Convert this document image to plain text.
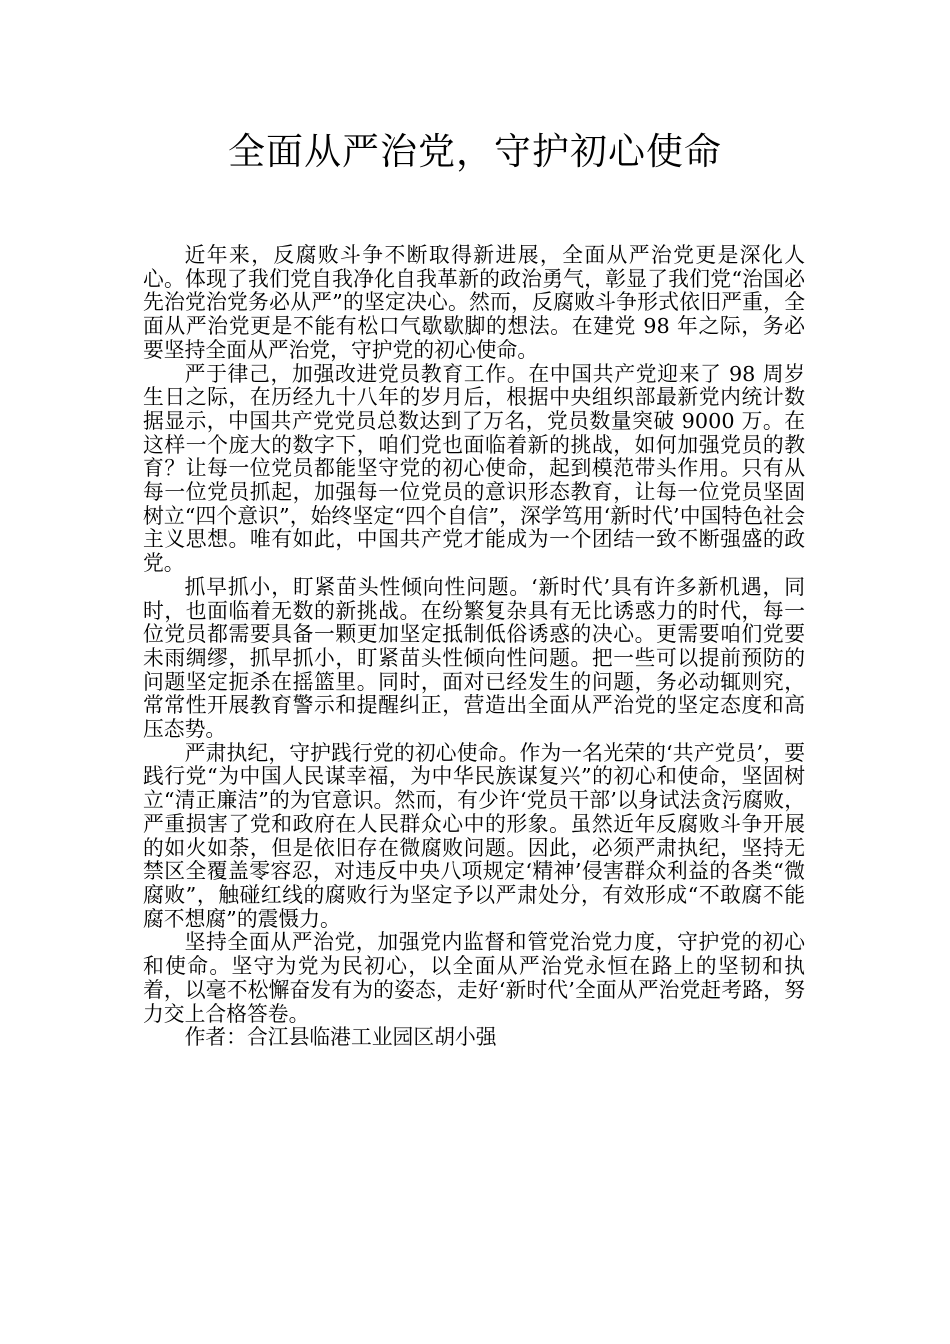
全面从严治党，守护初心使命

近年来，反腐败斗争不断取得新进展，全面从严治党更是深化人心。体现了我们党自我净化自我革新的政治勇气，彰显了我们党“治国必先治党治党务必从严”的坚定决心。然而，反腐败斗争形式依旧严重，全面从严治党更是不能有松口气歇歇脚的想法。在建党 98 年之际，务必要坚持全面从严治党，守护党的初心使命。

严于律己，加强改进党员教育工作。在中国共产党迎来了 98 周岁生日之际，在历经九十八年的岁月后，根据中央组织部最新党内统计数据显示，中国共产党党员总数达到了万名，党员数量突破 9000 万。在这样一个庞大的数字下，咱们党也面临着新的挑战，如何加强党员的教育？让每一位党员都能坚守党的初心使命，起到模范带头作用。只有从每一位党员抓起，加强每一位党员的意识形态教育，让每一位党员坚固树立“四个意识”，始终坚定“四个自信”，深学笃用‘新时代’中国特色社会主义思想。唯有如此，中国共产党才能成为一个团结一致不断强盛的政党。

抓早抓小，盯紧苗头性倾向性问题。‘新时代’具有许多新机遇，同时，也面临着无数的新挑战。在纷繁复杂具有无比诱惑力的时代，每一位党员都需要具备一颗更加坚定抵制低俗诱惑的决心。更需要咱们党要未雨绸缪，抓早抓小，盯紧苗头性倾向性问题。把一些可以提前预防的问题坚定扼杀在摇篮里。同时，面对已经发生的问题，务必动辄则究，常常性开展教育警示和提醒纠正，营造出全面从严治党的坚定态度和高压态势。

严肃执纪，守护践行党的初心使命。作为一名光荣的‘共产党员’，要践行党“为中国人民谋幸福，为中华民族谋复兴”的初心和使命，坚固树立“清正廉洁”的为官意识。然而，有少许‘党员干部’以身试法贪污腐败，严重损害了党和政府在人民群众心中的形象。虽然近年反腐败斗争开展的如火如荼，但是依旧存在微腐败问题。因此，必须严肃执纪，坚持无禁区全覆盖零容忍，对违反中央八项规定‘精神’侵害群众利益的各类“微腐败”，触碰红线的腐败行为坚定予以严肃处分，有效形成“不敢腐不能腐不想腐”的震慑力。

坚持全面从严治党，加强党内监督和管党治党力度，守护党的初心和使命。坚守为党为民初心，以全面从严治党永恒在路上的坚韧和执着，以毫不松懈奋发有为的姿态，走好‘新时代’全面从严治党赶考路，努力交上合格答卷。

作者：合江县临港工业园区胡小强
